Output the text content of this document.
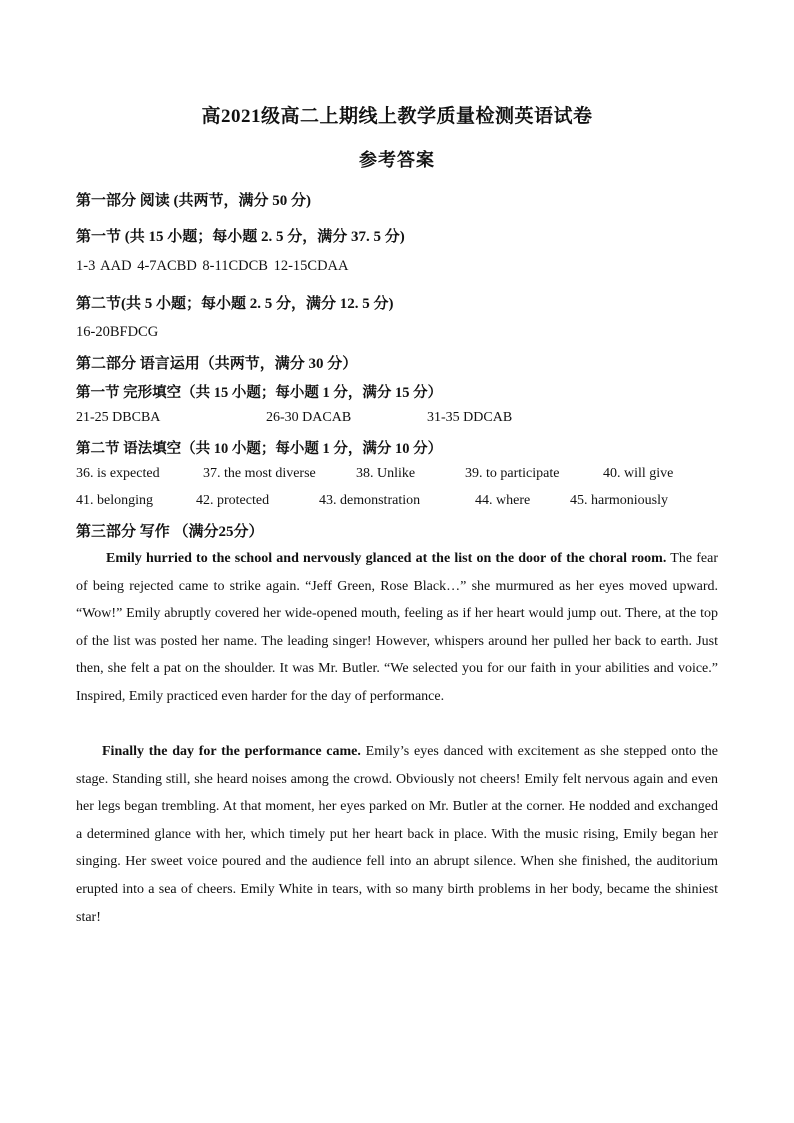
高2021级高二上期线上教学质量检测英语试卷
参考答案
第一部分 阅读 (共两节，满分 50 分)
第一节 (共 15 小题；每小题 2. 5 分，满分 37. 5 分)
1-3 AAD 4-7ACBD 8-11CDCB 12-15CDAA
第二节(共 5 小题；每小题 2. 5 分，满分 12. 5 分)
16-20BFDCG
第二部分 语言运用（共两节，满分 30 分）
第一节 完形填空（共 15 小题；每小题 1 分，满分 15 分）
21-25 DBCBA	26-30 DACAB	31-35 DDCAB
第二节 语法填空（共 10 小题；每小题 1 分，满分 10 分）
36. is expected	37. the most diverse	38. Unlike	39. to participate	40. will give
41. belonging	42. protected	43. demonstration	44. where	45. harmoniously
第三部分 写作 （满分25分）
Emily hurried to the school and nervously glanced at the list on the door of the choral room. The fear of being rejected came to strike again. “Jeff Green, Rose Black…” she murmured as her eyes moved upward. “Wow!” Emily abruptly covered her wide-opened mouth, feeling as if her heart would jump out. There, at the top of the list was posted her name. The leading singer! However, whispers around her pulled her back to earth. Just then, she felt a pat on the shoulder. It was Mr. Butler. “We selected you for our faith in your abilities and voice.” Inspired, Emily practiced even harder for the day of performance.
Finally the day for the performance came. Emily’s eyes danced with excitement as she stepped onto the stage. Standing still, she heard noises among the crowd. Obviously not cheers! Emily felt nervous again and even her legs began trembling. At that moment, her eyes parked on Mr. Butler at the corner. He nodded and exchanged a determined glance with her, which timely put her heart back in place. With the music rising, Emily began her singing. Her sweet voice poured and the audience fell into an abrupt silence. When she finished, the auditorium erupted into a sea of cheers. Emily White in tears, with so many birth problems in her body, became the shiniest star!
